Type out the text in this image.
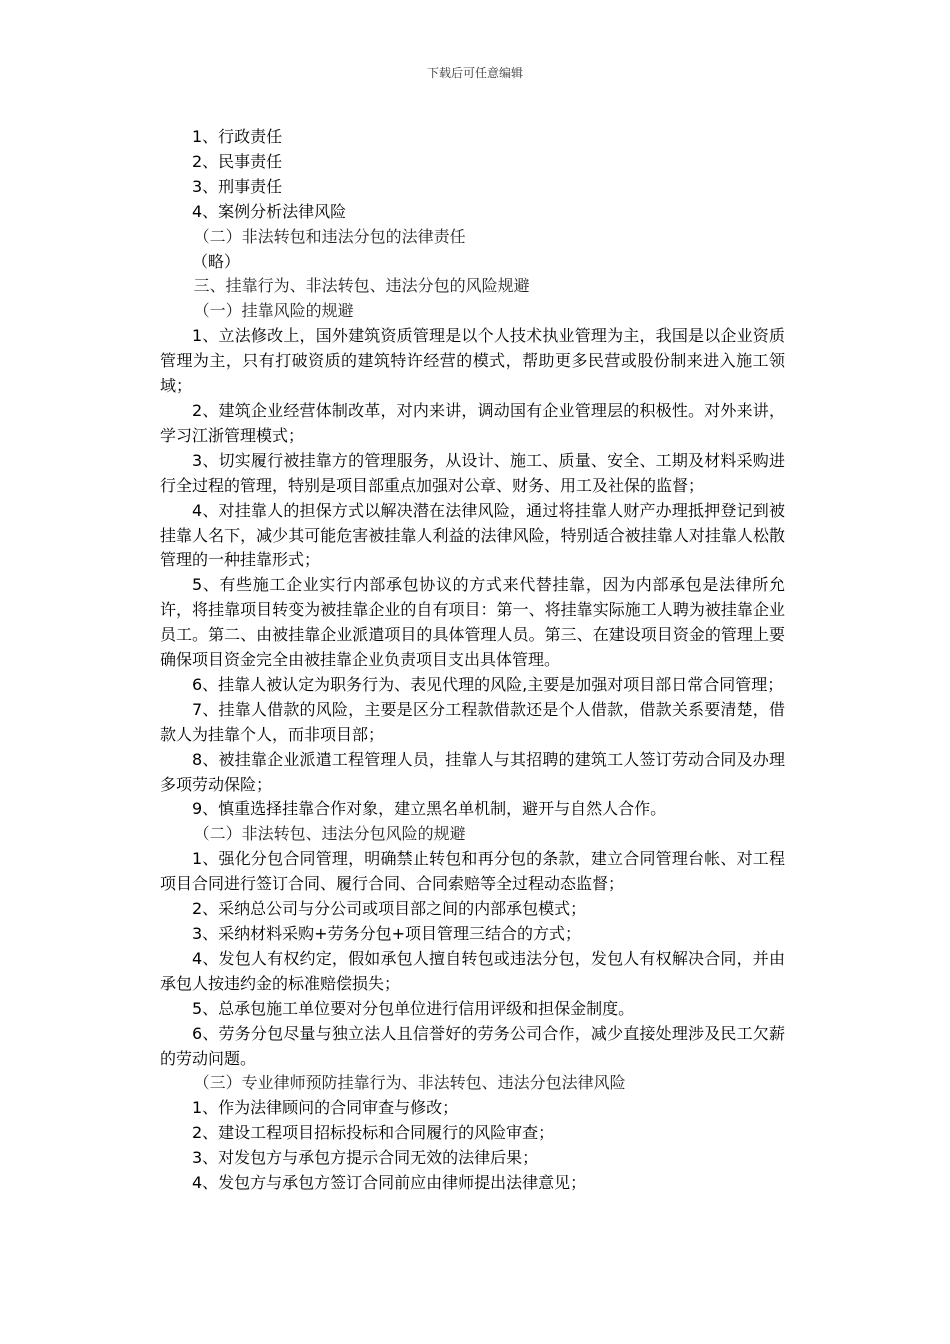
下载后可任意编辑

1、行政责任

2、民事责任

3、刑事责任

4、案例分析法律风险

（二）非法转包和违法分包的法律责任

（略）

三、挂靠行为、非法转包、违法分包的风险规避

（一）挂靠风险的规避

1、立法修改上，国外建筑资质管理是以个人技术执业管理为主，我国是以企业资质管理为主，只有打破资质的建筑特许经营的模式，帮助更多民营或股份制来进入施工领域；

2、建筑企业经营体制改革，对内来讲，调动国有企业管理层的积极性。对外来讲，学习江浙管理模式；

3、切实履行被挂靠方的管理服务，从设计、施工、质量、安全、工期及材料采购进行全过程的管理，特别是项目部重点加强对公章、财务、用工及社保的监督；

4、对挂靠人的担保方式以解决潜在法律风险，通过将挂靠人财产办理抵押登记到被挂靠人名下，减少其可能危害被挂靠人利益的法律风险，特别适合被挂靠人对挂靠人松散管理的一种挂靠形式；

5、有些施工企业实行内部承包协议的方式来代替挂靠，因为内部承包是法律所允许，将挂靠项目转变为被挂靠企业的自有项目：第一、将挂靠实际施工人聘为被挂靠企业员工。第二、由被挂靠企业派遣项目的具体管理人员。第三、在建设项目资金的管理上要确保项目资金完全由被挂靠企业负责项目支出具体管理。

6、挂靠人被认定为职务行为、表见代理的风险,主要是加强对项目部日常合同管理；

7、挂靠人借款的风险，主要是区分工程款借款还是个人借款，借款关系要清楚，借款人为挂靠个人，而非项目部；

8、被挂靠企业派遣工程管理人员，挂靠人与其招聘的建筑工人签订劳动合同及办理多项劳动保险；

9、慎重选择挂靠合作对象，建立黑名单机制，避开与自然人合作。

（二）非法转包、违法分包风险的规避

1、强化分包合同管理，明确禁止转包和再分包的条款，建立合同管理台帐、对工程项目合同进行签订合同、履行合同、合同索赔等全过程动态监督；

2、采纳总公司与分公司或项目部之间的内部承包模式；

3、采纳材料采购+劳务分包+项目管理三结合的方式；

4、发包人有权约定，假如承包人擅自转包或违法分包，发包人有权解决合同，并由承包人按违约金的标准赔偿损失；

5、总承包施工单位要对分包单位进行信用评级和担保金制度。

6、劳务分包尽量与独立法人且信誉好的劳务公司合作，减少直接处理涉及民工欠薪的劳动问题。

（三）专业律师预防挂靠行为、非法转包、违法分包法律风险

1、作为法律顾问的合同审查与修改；

2、建设工程项目招标投标和合同履行的风险审查；

3、对发包方与承包方提示合同无效的法律后果；

4、发包方与承包方签订合同前应由律师提出法律意见；
